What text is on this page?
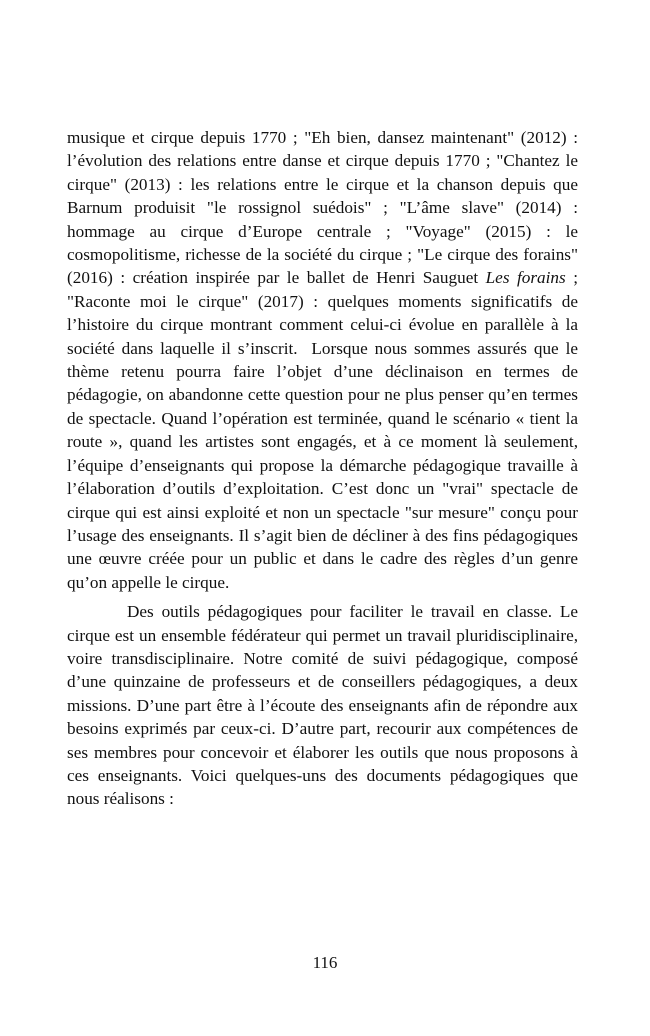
musique et cirque depuis 1770 ; "Eh bien, dansez maintenant" (2012) : l’évolution des relations entre danse et cirque depuis 1770 ; "Chantez le cirque" (2013) : les relations entre le cirque et la chanson depuis que Barnum produisit "le rossignol suédois" ; "L’âme slave" (2014) : hommage au cirque d’Europe centrale ; "Voyage" (2015) : le cosmopolitisme, richesse de la société du cirque ; "Le cirque des forains" (2016) : création inspirée par le ballet de Henri Sauguet Les forains ; "Raconte moi le cirque" (2017) : quelques moments significatifs de l’histoire du cirque montrant comment celui-ci évolue en parallèle à la société dans laquelle il s’inscrit.  Lorsque nous sommes assurés que le thème retenu pourra faire l’objet d’une déclinaison en termes de pédagogie, on abandonne cette question pour ne plus penser qu’en termes de spectacle. Quand l’opération est terminée, quand le scénario « tient la route », quand les artistes sont engagés, et à ce moment là seulement, l’équipe d’enseignants qui propose la démarche pédagogique travaille à l’élaboration d’outils d’exploitation. C’est donc un "vrai" spectacle de cirque qui est ainsi exploité et non un spectacle "sur mesure" conçu pour l’usage des enseignants. Il s’agit bien de décliner à des fins pédagogiques une œuvre créée pour un public et dans le cadre des règles d’un genre qu’on appelle le cirque.

Des outils pédagogiques pour faciliter le travail en classe. Le cirque est un ensemble fédérateur qui permet un travail pluridisciplinaire, voire transdisciplinaire. Notre comité de suivi pédagogique, composé d’une quinzaine de professeurs et de conseillers pédagogiques, a deux missions. D’une part être à l’écoute des enseignants afin de répondre aux besoins exprimés par ceux-ci. D’autre part, recourir aux compétences de ses membres pour concevoir et élaborer les outils que nous proposons à ces enseignants. Voici quelques-uns des documents pédagogiques que nous réalisons :

116
